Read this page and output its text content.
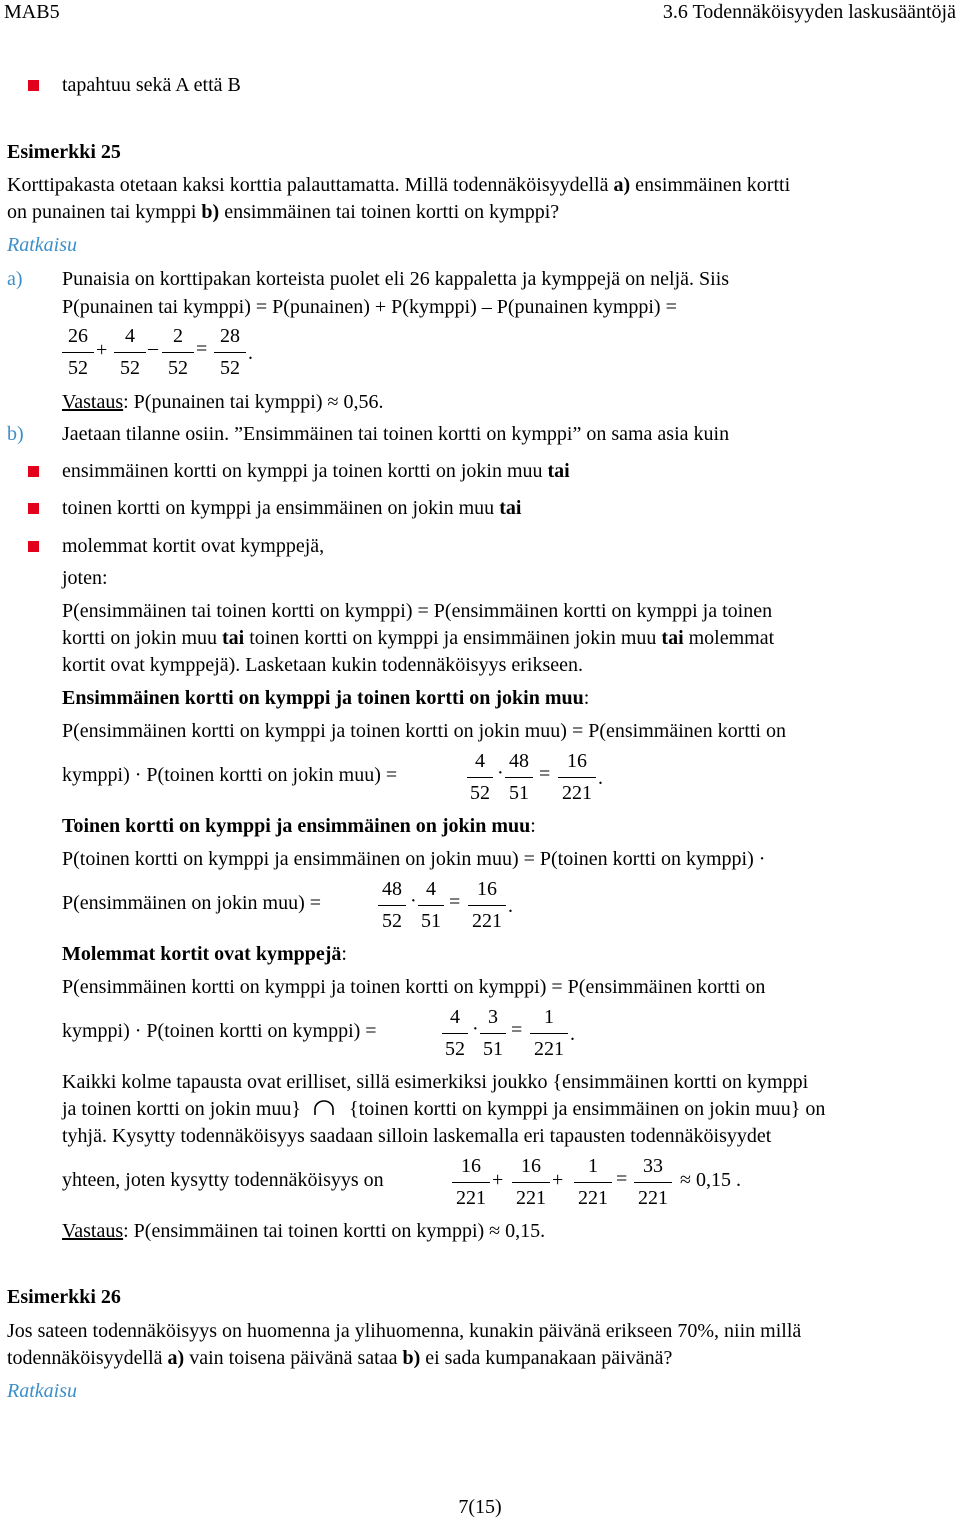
MAB5	3.6 Todennäköisyyden laskusääntöjä
tapahtuu sekä A että B
Esimerkki 25
Korttipakasta otetaan kaksi korttia palauttamatta. Millä todennäköisyydellä a) ensimmäinen kortti
on punainen tai kymppi b) ensimmäinen tai toinen kortti on kymppi?
Ratkaisu
a) Punaisia on korttipakan korteista puolet eli 26 kappaletta ja kymppejä on neljä. Siis
P(punainen tai kymppi) = P(punainen) + P(kymppi) – P(punainen kymppi) =
26
52
+
4
52
–
2
52
=
28
52
.
Vastaus: P(punainen tai kymppi) ≈ 0,56.
b) Jaetaan tilanne osiin. ”Ensimmäinen tai toinen kortti on kymppi” on sama asia kuin
ensimmäinen kortti on kymppi ja toinen kortti on jokin muu tai
toinen kortti on kymppi ja ensimmäinen on jokin muu tai
molemmat kortit ovat kymppejä,
joten:
P(ensimmäinen tai toinen kortti on kymppi) = P(ensimmäinen kortti on kymppi ja toinen
kortti on jokin muu tai toinen kortti on kymppi ja ensimmäinen jokin muu tai molemmat
kortit ovat kymppejä). Lasketaan kukin todennäköisyys erikseen.
Ensimmäinen kortti on kymppi ja toinen kortti on jokin muu:
P(ensimmäinen kortti on kymppi ja toinen kortti on jokin muu) = P(ensimmäinen kortti on
kymppi) · P(toinen kortti on jokin muu) =
4
52
·
48
51
=
16
221
.
Toinen kortti on kymppi ja ensimmäinen on jokin muu:
P(toinen kortti on kymppi ja ensimmäinen on jokin muu) = P(toinen kortti on kymppi) ·
P(ensimmäinen on jokin muu) =
48
52
·
4
51
=
16
221
.
Molemmat kortit ovat kymppejä:
P(ensimmäinen kortti on kymppi ja toinen kortti on kymppi) = P(ensimmäinen kortti on
kymppi) · P(toinen kortti on kymppi) =
4
52
·
3
51
=
1
221
.
Kaikki kolme tapausta ovat erilliset, sillä esimerkiksi joukko {ensimmäinen kortti on kymppi
ja toinen kortti on jokin muu} {toinen kortti on kymppi ja ensimmäinen on jokin muu} on
tyhjä. Kysytty todennäköisyys saadaan silloin laskemalla eri tapausten todennäköisyydet
yhteen, joten kysytty todennäköisyys on
16
221
+
16
221
+
1
221
=
33
221
≈ 0,15 .
Vastaus: P(ensimmäinen tai toinen kortti on kymppi) ≈ 0,15.
Esimerkki 26
Jos sateen todennäköisyys on huomenna ja ylihuomenna, kunakin päivänä erikseen 70%, niin millä
todennäköisyydellä a) vain toisena päivänä sataa b) ei sada kumpanakaan päivänä?
Ratkaisu
7(15)
